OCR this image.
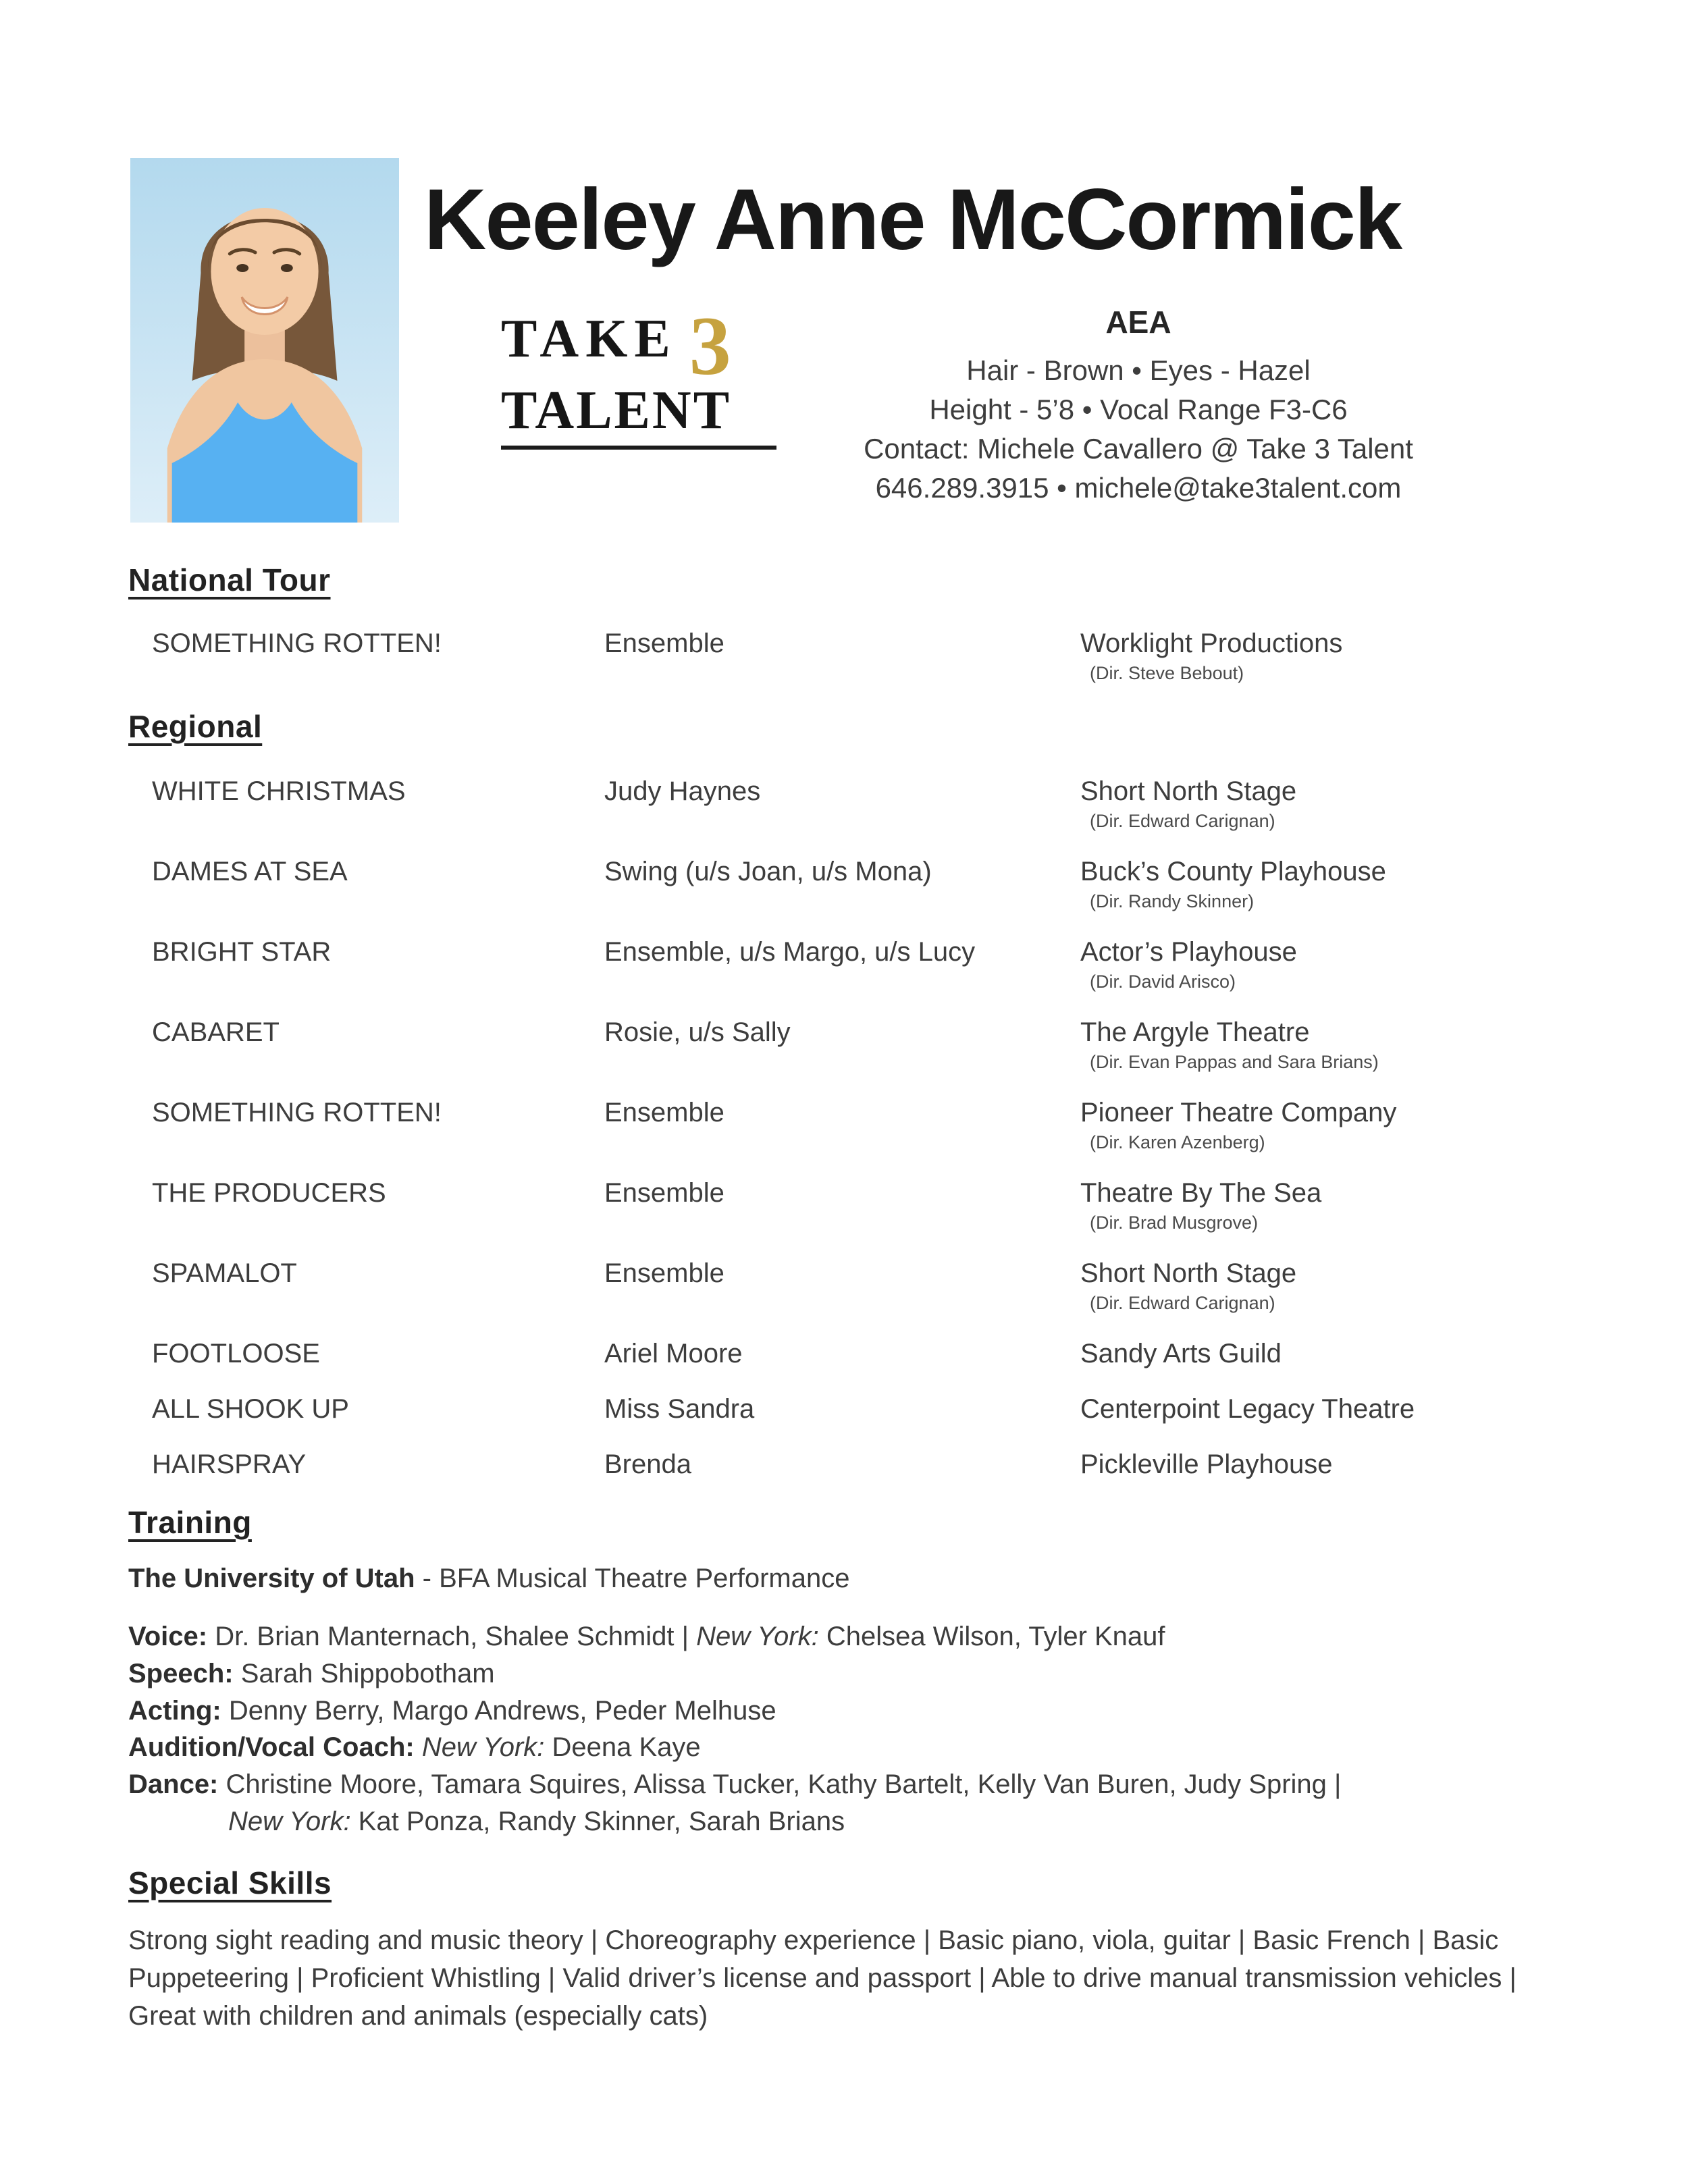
Keeley Anne McCormick
TAKE 3
TALENT
AEA
Hair - Brown • Eyes - Hazel
Height - 5’8 • Vocal Range F3-C6
Contact: Michele Cavallero @ Take 3 Talent
646.289.3915 • michele@take3talent.com
National Tour
SOMETHING ROTTEN!	Ensemble	Worklight Productions
(Dir. Steve Bebout)
Regional
WHITE CHRISTMAS	Judy Haynes	Short North Stage
(Dir. Edward Carignan)
DAMES AT SEA	Swing (u/s Joan, u/s Mona)	Buck’s County Playhouse
(Dir. Randy Skinner)
BRIGHT STAR	Ensemble, u/s Margo, u/s Lucy	Actor’s Playhouse
(Dir. David Arisco)
CABARET	Rosie, u/s Sally	The Argyle Theatre
(Dir. Evan Pappas and Sara Brians)
SOMETHING ROTTEN!	Ensemble	Pioneer Theatre Company
(Dir. Karen Azenberg)
THE PRODUCERS	Ensemble	Theatre By The Sea
(Dir. Brad Musgrove)
SPAMALOT	Ensemble	Short North Stage
(Dir. Edward Carignan)
FOOTLOOSE	Ariel Moore	Sandy Arts Guild
ALL SHOOK UP	Miss Sandra	Centerpoint Legacy Theatre
HAIRSPRAY	Brenda	Pickleville Playhouse
Training
The University of Utah - BFA Musical Theatre Performance
Voice: Dr. Brian Manternach, Shalee Schmidt | New York: Chelsea Wilson, Tyler Knauf
Speech: Sarah Shippobotham
Acting: Denny Berry, Margo Andrews, Peder Melhuse
Audition/Vocal Coach: New York: Deena Kaye
Dance: Christine Moore, Tamara Squires, Alissa Tucker, Kathy Bartelt, Kelly Van Buren, Judy Spring |
New York: Kat Ponza, Randy Skinner, Sarah Brians
Special Skills
Strong sight reading and music theory | Choreography experience | Basic piano, viola, guitar | Basic French | Basic Puppeteering | Proficient Whistling | Valid driver’s license and passport | Able to drive manual transmission vehicles | Great with children and animals (especially cats)
